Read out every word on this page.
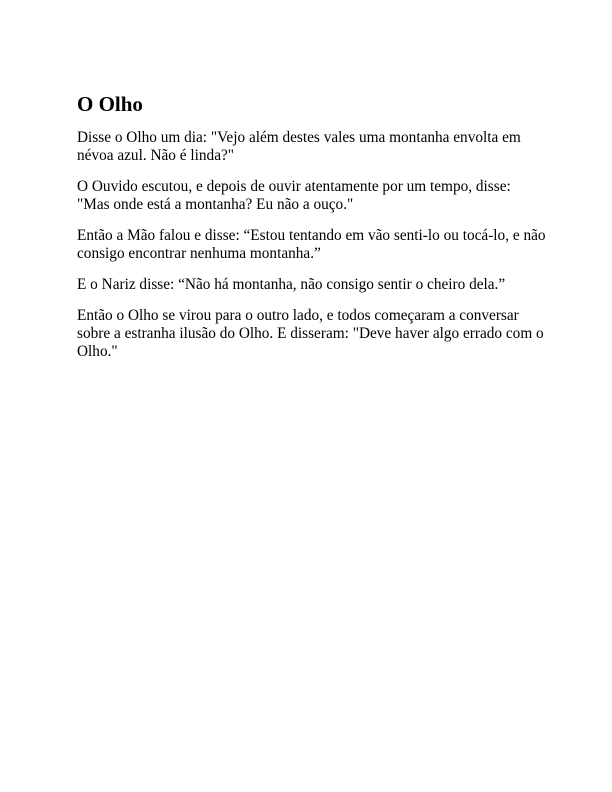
O Olho

Disse o Olho um dia: "Vejo além destes vales uma montanha envolta em névoa azul. Não é linda?"

O Ouvido escutou, e depois de ouvir atentamente por um tempo, disse: "Mas onde está a montanha? Eu não a ouço."

Então a Mão falou e disse: “Estou tentando em vão senti-lo ou tocá-lo, e não consigo encontrar nenhuma montanha.”

E o Nariz disse: “Não há montanha, não consigo sentir o cheiro dela.”

Então o Olho se virou para o outro lado, e todos começaram a conversar sobre a estranha ilusão do Olho. E disseram: "Deve haver algo errado com o Olho."
